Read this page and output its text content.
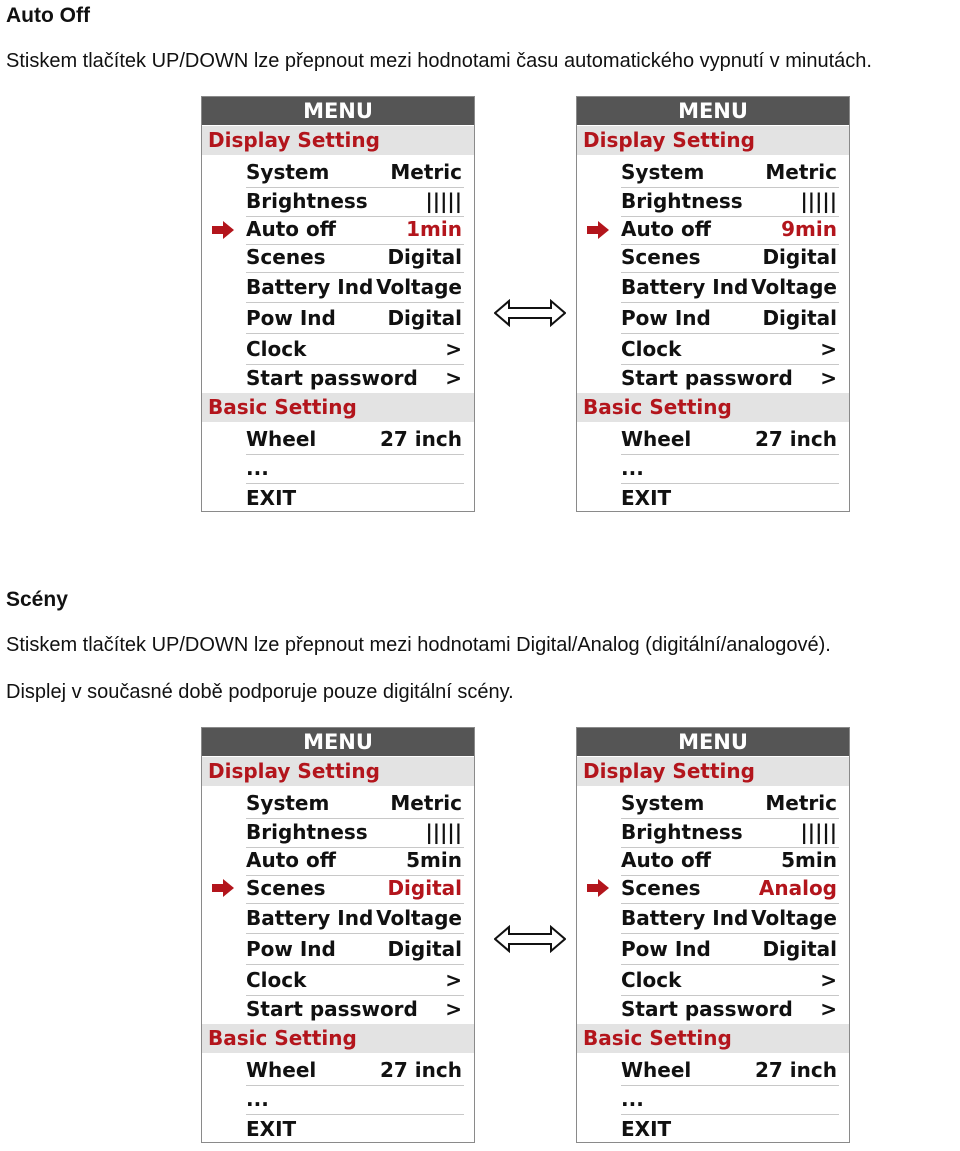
Auto Off

Stiskem tlačítek UP/DOWN lze přepnout mezi hodnotami času automatického vypnutí v minutách.

MENU
Display Setting
System	Metric
Brightness	|||||
Auto off	1min
Scenes	Digital
Battery Ind Voltage
Pow Ind	Digital
Clock	>
Start password >
Basic Setting
Wheel	27 inch
...
EXIT
MENU
Display Setting
System	Metric
Brightness	|||||
Auto off	9min
Scenes	Digital
Battery Ind Voltage
Pow Ind	Digital
Clock	>
Start password >
Basic Setting
Wheel	27 inch
...
EXIT
Scény

Stiskem tlačítek UP/DOWN lze přepnout mezi hodnotami Digital/Analog (digitální/analogové).

Displej v současné době podporuje pouze digitální scény.

MENU
Display Setting
System	Metric
Brightness	|||||
Auto off	5min
Scenes	Digital
Battery Ind Voltage
Pow Ind	Digital
Clock	>
Start password >
Basic Setting
Wheel	27 inch
...
EXIT
MENU
Display Setting
System	Metric
Brightness	|||||
Auto off	5min
Scenes	Analog
Battery Ind Voltage
Pow Ind	Digital
Clock	>
Start password >
Basic Setting
Wheel	27 inch
...
EXIT
